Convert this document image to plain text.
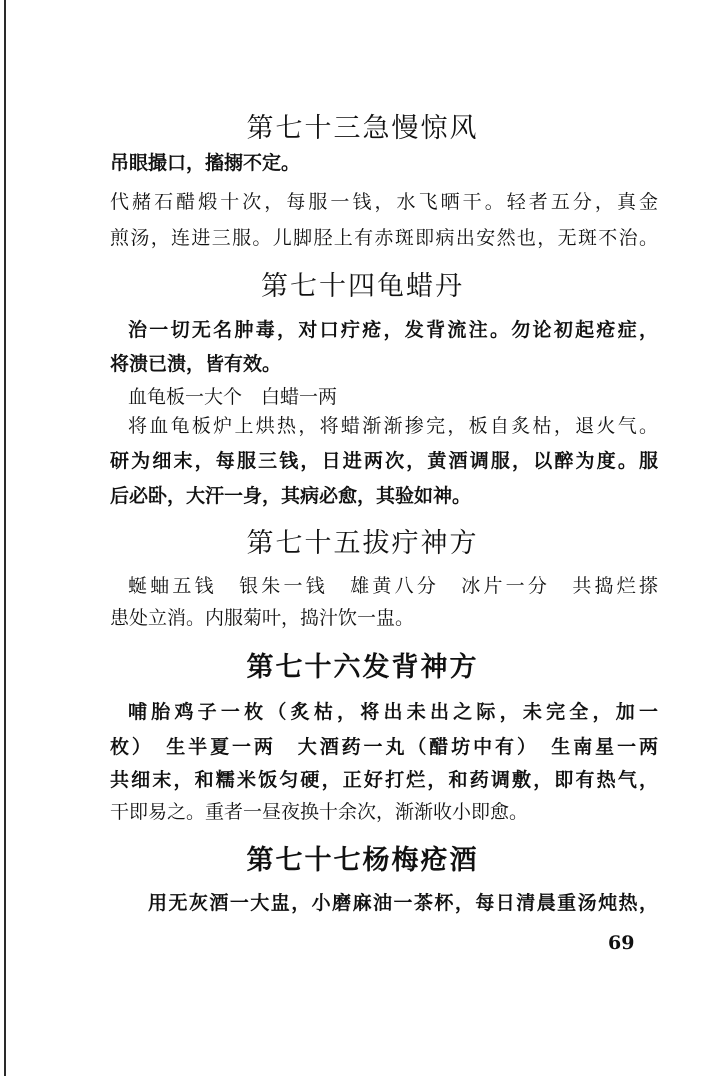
第七十三急慢惊风
吊眼撮口，搐搦不定。
代赭石醋煅十次，每服一钱，水飞晒干。轻者五分，真金
煎汤，连进三服。儿脚胫上有赤斑即病出安然也，无斑不治。
第七十四龟蜡丹
治一切无名肿毒，对口疔疮，发背流注。勿论初起疮症，
将溃已溃，皆有效。
血龟板一大个　白蜡一两
将血龟板炉上烘热，将蜡渐渐掺完，板自炙枯，退火气。
研为细末，每服三钱，日进两次，黄酒调服，以醉为度。服
后必卧，大汗一身，其病必愈，其验如神。
第七十五拔疔神方
蜒蚰五钱　银朱一钱　雄黄八分　冰片一分　共捣烂搽
患处立消。内服菊叶，捣汁饮一盅。
第七十六发背神方
哺胎鸡子一枚（炙枯，将出未出之际，未完全，加一
枚）　生半夏一两　大酒药一丸（醋坊中有）　生南星一两
共细末，和糯米饭匀硬，正好打烂，和药调敷，即有热气，
干即易之。重者一昼夜换十余次，渐渐收小即愈。
第七十七杨梅疮酒
用无灰酒一大盅，小磨麻油一茶杯，每日清晨重汤炖热，
69
